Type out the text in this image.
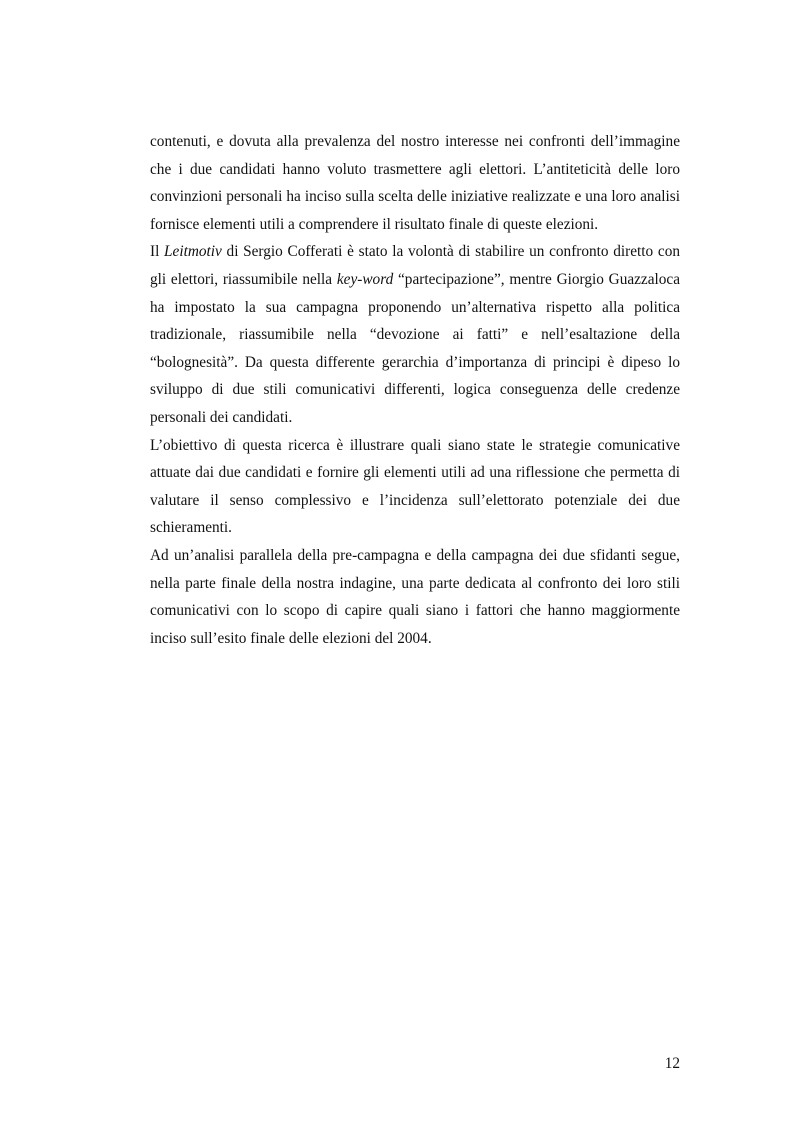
contenuti, e dovuta alla prevalenza del nostro interesse nei confronti dell’immagine che i due candidati hanno voluto trasmettere agli elettori. L’antiteticità delle loro convinzioni personali ha inciso sulla scelta delle iniziative realizzate e una loro analisi fornisce elementi utili a comprendere il risultato finale di queste elezioni.

Il Leitmotiv di Sergio Cofferati è stato la volontà di stabilire un confronto diretto con gli elettori, riassumibile nella key-word “partecipazione”, mentre Giorgio Guazzaloca ha impostato la sua campagna proponendo un’alternativa rispetto alla politica tradizionale, riassumibile nella “devozione ai fatti” e nell’esaltazione della “bolognesità”. Da questa differente gerarchia d’importanza di principi è dipeso lo sviluppo di due stili comunicativi differenti, logica conseguenza delle credenze personali dei candidati.

L’obiettivo di questa ricerca è illustrare quali siano state le strategie comunicative attuate dai due candidati e fornire gli elementi utili ad una riflessione che permetta di valutare il senso complessivo e l’incidenza sull’elettorato potenziale dei due schieramenti.

Ad un’analisi parallela della pre-campagna e della campagna dei due sfidanti segue, nella parte finale della nostra indagine, una parte dedicata al confronto dei loro stili comunicativi con lo scopo di capire quali siano i fattori che hanno maggiormente inciso sull’esito finale delle elezioni del 2004.

12
